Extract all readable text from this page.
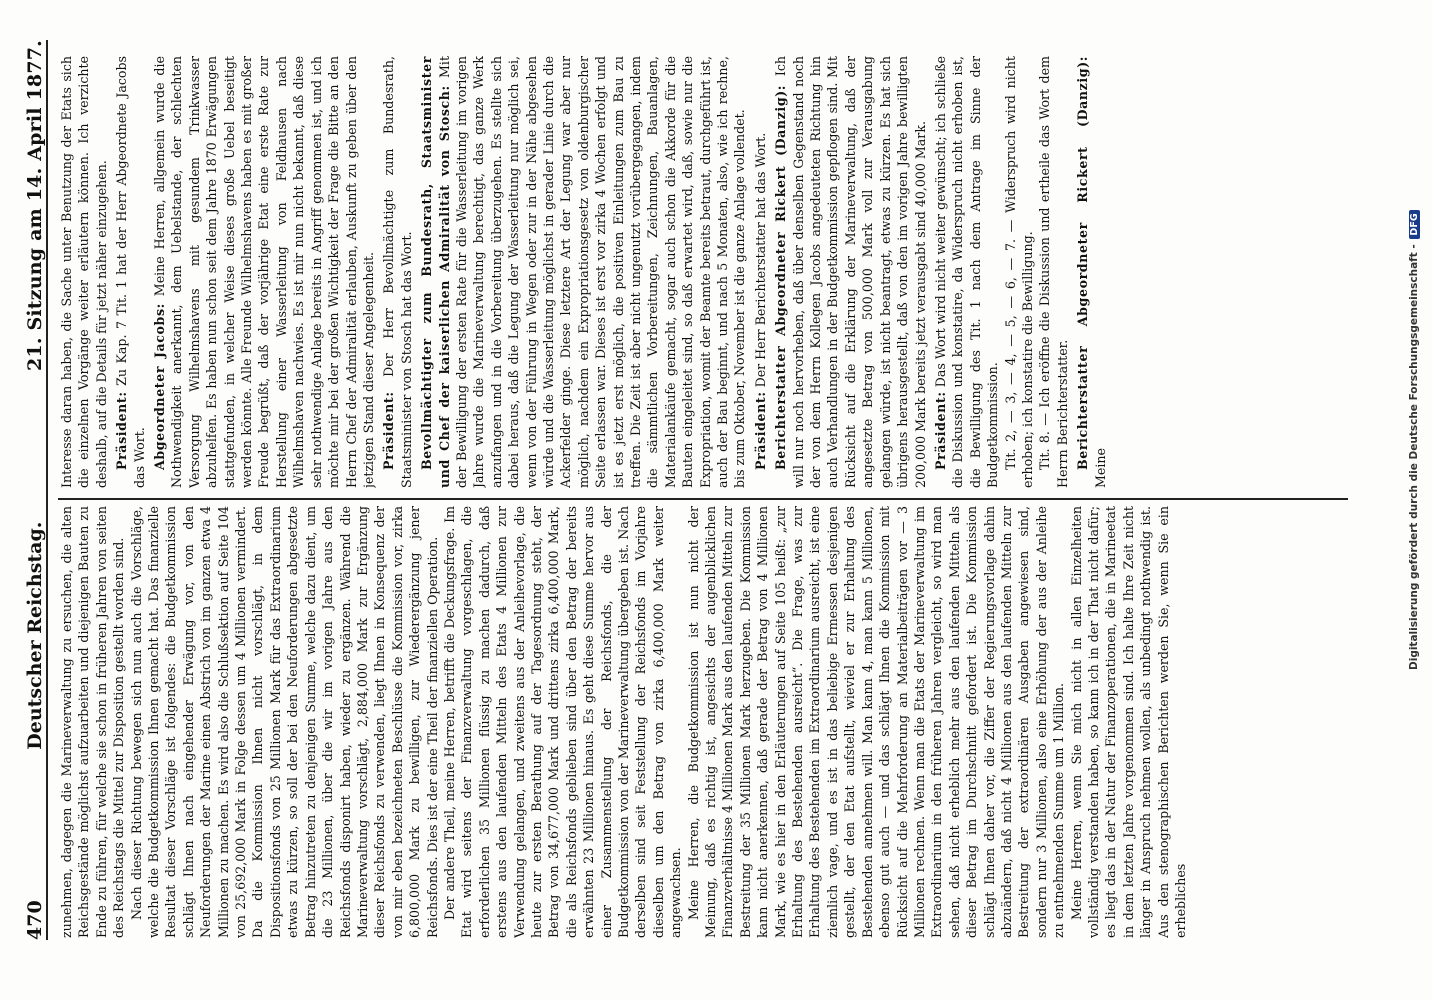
470
Deutscher Reichstag.
21. Sitzung am 14. April 1877.

zunehmen, dagegen die Marineverwaltung zu ersuchen, die alten Reichsgestände möglichst aufzuarbeiten und diejenigen Bauten zu Ende zu führen, für welche sie schon in früheren Jahren von seiten des Reichstags die Mittel zur Disposition gestellt worden sind. Nach dieser Richtung bewegen sich nun auch die Vorschläge, welche die Budgetkommission Ihnen gemacht hat. Das finanzielle Resultat dieser Vorschläge ist folgendes: die Budgetkommission schlägt Ihnen nach eingehender Erwägung vor, von den Neuforderungen der Marine einen Abstrich von im ganzen etwa 4 Millionen zu machen. Es wird also die Schlußsektion auf Seite 104 von 25,692,000 Mark in Folge dessen um 4 Millionen vermindert. Da die Kommission Ihnen nicht vorschlägt, in dem Dispositionsfonds von 25 Millionen Mark für das Extraordinarium etwas zu kürzen, so soll der bei den Neuforderungen abgesetzte Betrag hinzutreten zu denjenigen Summe, welche dazu dient, um die 23 Millionen, über die wir im vorigen Jahre aus den Reichsfonds disponirt haben, wieder zu ergänzen. Während die Marineverwaltung vorschlägt, 2,884,000 Mark zur Ergänzung dieser Reichsfonds zu verwenden, liegt Ihnen in Konsequenz der von mir eben bezeichneten Beschlüsse die Kommission vor, zirka 6,800,000 Mark zu bewilligen, zur Wiederergänzung jener Reichsfonds. Dies ist der eine Theil der finanziellen Operation. Der andere Theil, meine Herren, betrifft die Deckungsfrage. Im Etat wird seitens der Finanzverwaltung vorgeschlagen, die erforderlichen 35 Millionen flüssig zu machen dadurch, daß erstens aus den laufenden Mitteln des Etats 4 Millionen zur Verwendung gelangen, und zweitens aus der Anleihevorlage, die heute zur ersten Berathung auf der Tagesordnung steht, der Betrag von 34,677,000 Mark und drittens zirka 6,400,000 Mark, die als Reichsfonds geblieben sind über den Betrag der bereits erwähnten 23 Millionen hinaus. Es geht diese Summe hervor aus einer Zusammenstellung der Reichsfonds, die der Budgetkommission von der Marineverwaltung übergeben ist. Nach derselben sind seit Feststellung der Reichsfonds im Vorjahre dieselben um den Betrag von zirka 6,400,000 Mark weiter angewachsen. Meine Herren, die Budgetkommission ist nun nicht der Meinung, daß es richtig ist, angesichts der augenblicklichen Finanzverhältnisse 4 Millionen Mark aus den laufenden Mitteln zur Bestreitung der 35 Millionen Mark herzugeben. Die Kommission kann nicht anerkennen, daß gerade der Betrag von 4 Millionen Mark, wie es hier in den Erläuterungen auf Seite 105 heißt: „zur Erhaltung des Bestehenden ausreicht“. Die Frage, was zur Erhaltung des Bestehenden im Extraordinarium ausreicht, ist eine ziemlich vage, und es ist in das beliebige Ermessen desjenigen gestellt, der den Etat aufstellt, wieviel er zur Erhaltung des Bestehenden annehmen will. Man kann 4, man kann 5 Millionen, ebenso gut auch — und das schlägt Ihnen die Kommission mit Rücksicht auf die Mehrforderung an Materialbeiträgen vor — 3 Millionen rechnen. Wenn man die Etats der Marineverwaltung im Extraordinarium in den früheren Jahren vergleicht, so wird man sehen, daß nicht erheblich mehr aus den laufenden Mitteln als dieser Betrag im Durchschnitt gefordert ist. Die Kommission schlägt Ihnen daher vor, die Ziffer der Regierungsvorlage dahin abzuändern, daß nicht 4 Millionen aus den laufenden Mitteln zur Bestreitung der extraordinären Ausgaben angewiesen sind, sondern nur 3 Millionen, also eine Erhöhung der aus der Anleihe zu entnehmenden Summe um 1 Million. Meine Herren, wenn Sie mich nicht in allen Einzelheiten vollständig verstanden haben, so kann ich in der That nicht dafür; es liegt das in der Natur der Finanzoperationen, die in Marineetat in dem letzten Jahre vorgenommen sind. Ich halte Ihre Zeit nicht länger in Anspruch nehmen wollen, als unbedingt nothwendig ist. Aus den stenographischen Berichten werden Sie, wenn Sie ein erhebliches

Interesse daran haben, die Sache unter Benutzung der Etats sich die einzelnen Vorgänge weiter erläutern können. Ich verzichte deshalb, auf die Details für jetzt näher einzugehen. Präsident: Zu Kap. 7 Tit. 1 hat der Herr Abgeordnete Jacobs das Wort. Abgeordneter Jacobs: Meine Herren, allgemein wurde die Nothwendigkeit anerkannt, dem Uebelstande, der schlechten Versorgung Wilhelmshavens mit gesundem Trinkwasser abzuhelfen. Es haben nun schon seit dem Jahre 1870 Erwägungen stattgefunden, in welcher Weise dieses große Uebel beseitigt werden könnte. Alle Freunde Wilhelmshavens haben es mit großer Freude begrüßt, daß der vorjährige Etat eine erste Rate zur Herstellung einer Wasserleitung von Feldhausen nach Wilhelmshaven nachwies. Es ist mir nun nicht bekannt, daß diese sehr nothwendige Anlage bereits in Angriff genommen ist, und ich möchte mir bei der großen Wichtigkeit der Frage die Bitte an den Herrn Chef der Admiralität erlauben, Auskunft zu geben über den jetzigen Stand dieser Angelegenheit. Präsident: Der Herr Bevollmächtigte zum Bundesrath, Staatsminister von Stosch hat das Wort. Bevollmächtigter zum Bundesrath, Staatsminister und Chef der kaiserlichen Admiralität von Stosch: Mit der Bewilligung der ersten Rate für die Wasserleitung im vorigen Jahre wurde die Marineverwaltung berechtigt, das ganze Werk anzufangen und in die Vorbereitung überzugehen. Es stellte sich dabei heraus, daß die Legung der Wasserleitung nur möglich sei, wenn von der Führung in Wegen oder zur in der Nähe abgesehen würde und die Wasserleitung möglichst in gerader Linie durch die Ackerfelder ginge. Diese letztere Art der Legung war aber nur möglich, nachdem ein Expropriationsgesetz von oldenburgischer Seite erlassen war. Dieses ist erst vor zirka 4 Wochen erfolgt und ist es jetzt erst möglich, die positiven Einleitungen zum Bau zu treffen. Die Zeit ist aber nicht ungenutzt vorübergegangen, indem die sämmtlichen Vorbereitungen, Zeichnungen, Bauanlagen, Materialankäufe gemacht, sogar auch schon die Akkorde für die Bauten eingeleitet sind, so daß erwartet wird, daß, sowie nur die Expropriation, womit der Beamte bereits betraut, durchgeführt ist, auch der Bau beginnt, und nach 5 Monaten, also, wie ich rechne, bis zum Oktober, November ist die ganze Anlage vollendet. Präsident: Der Herr Berichterstatter hat das Wort. Berichterstatter Abgeordneter Rickert (Danzig): Ich will nur noch hervorheben, daß über denselben Gegenstand noch der von dem Herrn Kollegen Jacobs angedeuteten Richtung hin auch Verhandlungen in der Budgetkommission gepflogen sind. Mit Rücksicht auf die Erklärung der Marineverwaltung, daß der angesetzte Betrag von 500,000 Mark voll zur Verausgabung gelangen würde, ist nicht beantragt, etwas zu kürzen. Es hat sich übrigens herausgestellt, daß von den im vorigen Jahre bewilligten 200,000 Mark bereits jetzt verausgabt sind 40,000 Mark. Präsident: Das Wort wird nicht weiter gewünscht; ich schließe die Diskussion und konstatire, da Widerspruch nicht erhoben ist, die Bewilligung des Tit. 1 nach dem Antrage im Sinne der Budgetkommission. Tit. 2, — 3, — 4, — 5, — 6, — 7. — Widerspruch wird nicht erhoben; ich konstatire die Bewilligung. Tit. 8. — Ich eröffne die Diskussion und ertheile das Wort dem Herrn Berichterstatter. Berichterstatter Abgeordneter Rickert (Danzig): Meine	Digitalisierung gefördert durch die Deutsche Forschungsgemeinschaft - DFG
